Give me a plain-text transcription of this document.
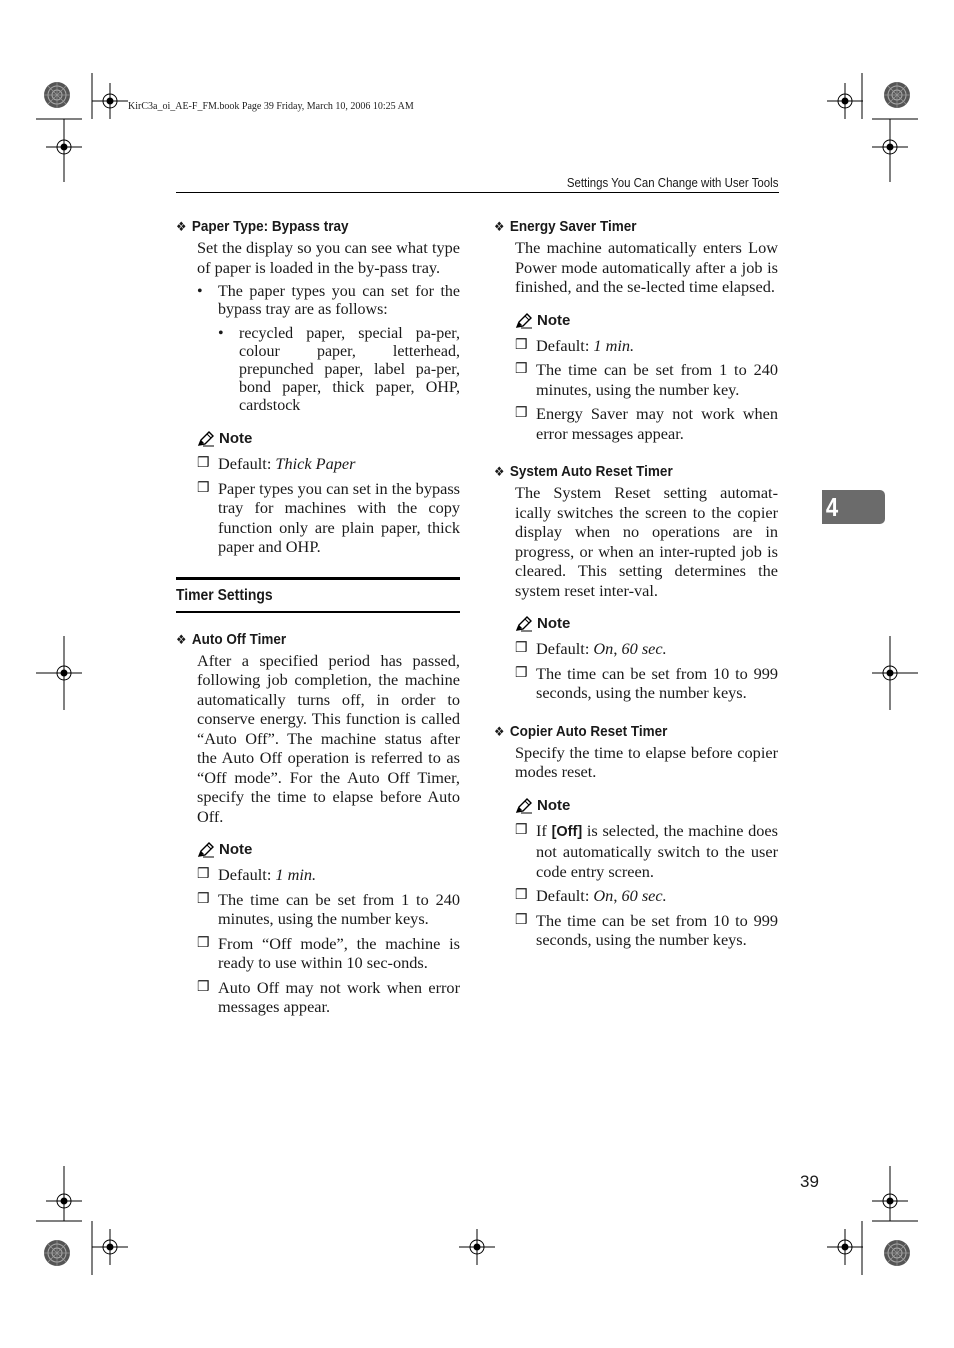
KirC3a_oi_AE-F_FM.book Page 39 Friday, March 10, 2006 10:25 AM
Settings You Can Change with User Tools
4
39
❖ Paper Type: Bypass tray
Set the display so you can see what type of paper is loaded in the by-pass tray.
• The paper types you can set for the bypass tray are as follows:
• recycled paper, special pa-per, colour paper, letterhead, prepunched paper, label pa-per, bond paper, thick paper, OHP, cardstock
Note
❒ Default: Thick Paper
❒ Paper types you can set in the bypass tray for machines with the copy function only are plain paper, thick paper and OHP.
Timer Settings
❖ Auto Off Timer
After a specified period has passed, following job completion, the machine automatically turns off, in order to conserve energy. This function is called “Auto Off”. The machine status after the Auto Off operation is referred to as “Off mode”. For the Auto Off Timer, specify the time to elapse before Auto Off.
Note
❒ Default: 1 min.
❒ The time can be set from 1 to 240 minutes, using the number keys.
❒ From “Off mode”, the machine is ready to use within 10 sec-onds.
❒ Auto Off may not work when error messages appear.
❖ Energy Saver Timer
The machine automatically enters Low Power mode automatically after a job is finished, and the se-lected time elapsed.
Note
❒ Default: 1 min.
❒ The time can be set from 1 to 240 minutes, using the number key.
❒ Energy Saver may not work when error messages appear.
❖ System Auto Reset Timer
The System Reset setting automat-ically switches the screen to the copier display when no operations are in progress, or when an inter-rupted job is cleared. This setting determines the system reset inter-val.
Note
❒ Default: On, 60 sec.
❒ The time can be set from 10 to 999 seconds, using the number keys.
❖ Copier Auto Reset Timer
Specify the time to elapse before copier modes reset.
Note
❒ If [Off] is selected, the machine does not automatically switch to the user code entry screen.
❒ Default: On, 60 sec.
❒ The time can be set from 10 to 999 seconds, using the number keys.
